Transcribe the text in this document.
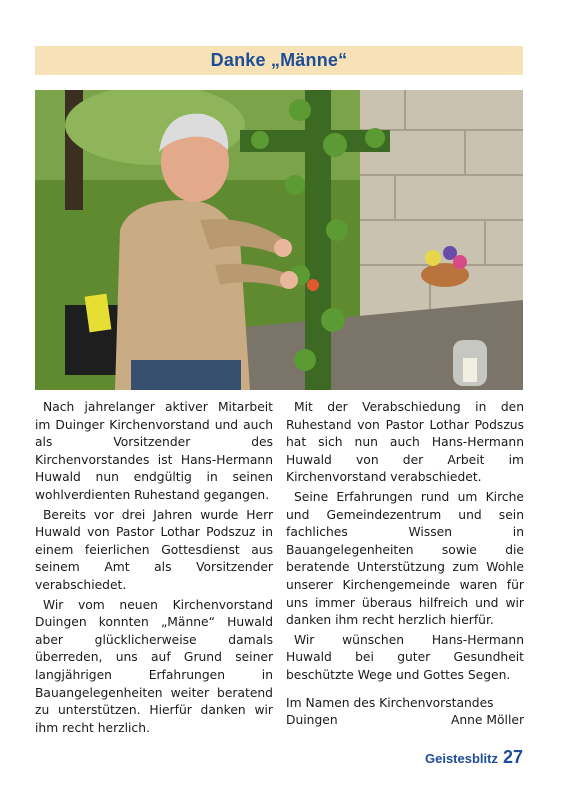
Danke „Männe“

Nach jahrelanger aktiver Mitarbeit im Duinger Kirchenvorstand und auch als Vorsitzender des Kirchenvorstandes ist Hans-Hermann Huwald nun endgültig in seinen wohlverdienten Ruhestand gegangen.

Bereits vor drei Jahren wurde Herr Huwald von Pastor Lothar Podszuz in einem feierlichen Gottesdienst aus seinem Amt als Vorsitzender verabschiedet.

Wir vom neuen Kirchenvorstand Duingen konnten „Männe“ Huwald aber glücklicherweise damals überreden, uns auf Grund seiner langjährigen Erfahrungen in Bauangelegenheiten weiter beratend zu unterstützen. Hierfür danken wir ihm recht herzlich.

Mit der Verabschiedung in den Ruhestand von Pastor Lothar Podszus hat sich nun auch Hans-Hermann Huwald von der Arbeit im Kirchenvorstand verabschiedet.

Seine Erfahrungen rund um Kirche und Gemeindezentrum und sein fachliches Wissen in Bauangelegenheiten sowie die beratende Unterstützung zum Wohle unserer Kirchengemeinde waren für uns immer überaus hilfreich und wir danken ihm recht herzlich hierfür.

Wir wünschen Hans-Hermann Huwald bei guter Gesundheit beschützte Wege und Gottes Segen.

Im Namen des Kirchenvorstandes
Duingen	Anne Möller
Geistesblitz 27
